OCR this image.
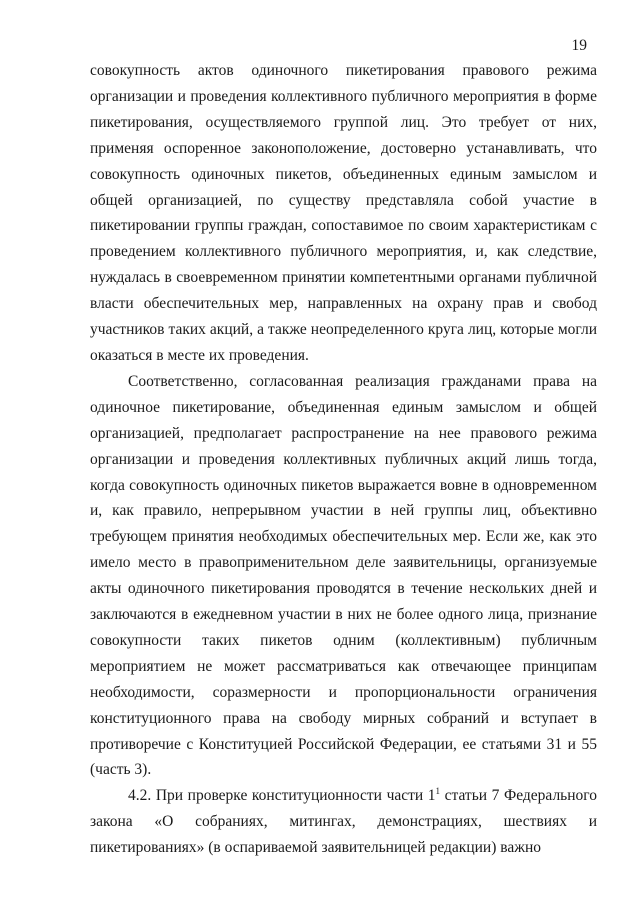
19

совокупность актов одиночного пикетирования правового режима организации и проведения коллективного публичного мероприятия в форме пикетирования, осуществляемого группой лиц. Это требует от них, применяя оспоренное законоположение, достоверно устанавливать, что совокупность одиночных пикетов, объединенных единым замыслом и общей организацией, по существу представляла собой участие в пикетировании группы граждан, сопоставимое по своим характеристикам с проведением коллективного публичного мероприятия, и, как следствие, нуждалась в своевременном принятии компетентными органами публичной власти обеспечительных мер, направленных на охрану прав и свобод участников таких акций, а также неопределенного круга лиц, которые могли оказаться в месте их проведения.

Соответственно, согласованная реализация гражданами права на одиночное пикетирование, объединенная единым замыслом и общей организацией, предполагает распространение на нее правового режима организации и проведения коллективных публичных акций лишь тогда, когда совокупность одиночных пикетов выражается вовне в одновременном и, как правило, непрерывном участии в ней группы лиц, объективно требующем принятия необходимых обеспечительных мер. Если же, как это имело место в правоприменительном деле заявительницы, организуемые акты одиночного пикетирования проводятся в течение нескольких дней и заключаются в ежедневном участии в них не более одного лица, признание совокупности таких пикетов одним (коллективным) публичным мероприятием не может рассматриваться как отвечающее принципам необходимости, соразмерности и пропорциональности ограничения конституционного права на свободу мирных собраний и вступает в противоречие с Конституцией Российской Федерации, ее статьями 31 и 55 (часть 3).

4.2. При проверке конституционности части $1^1$ статьи 7 Федерального закона «О собраниях, митингах, демонстрациях, шествиях и пикетированиях» (в оспариваемой заявительницей редакции) важно
